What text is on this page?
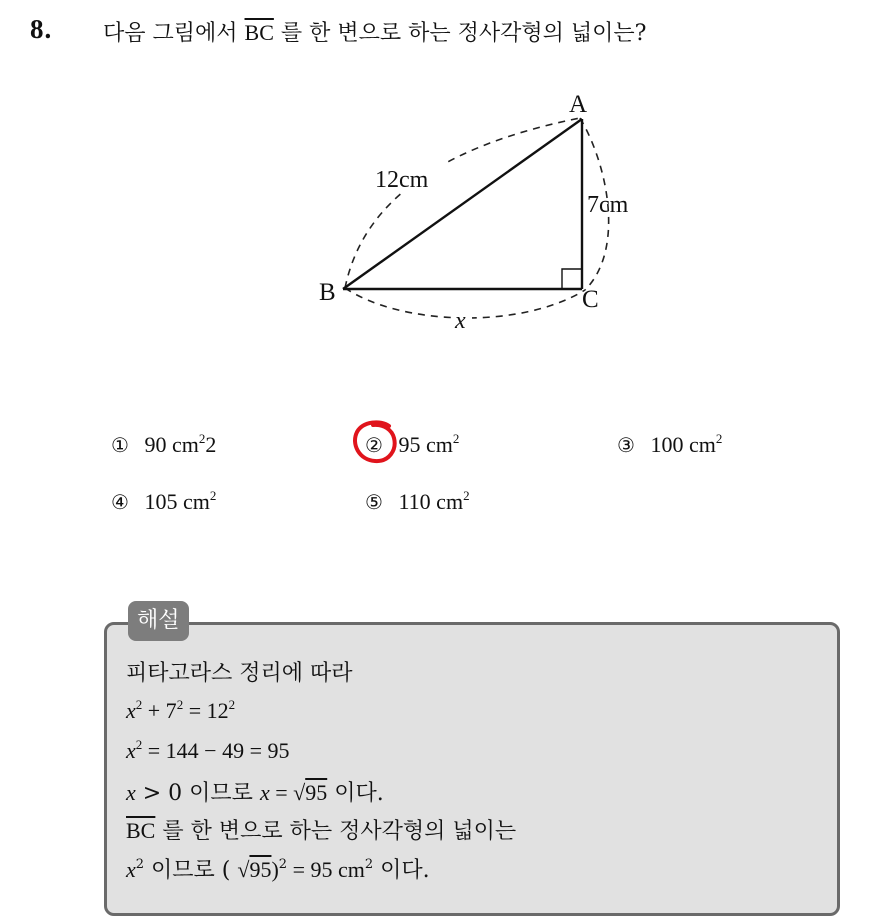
8. 다음 그림에서 $\overline{BC}$ 를 한 변으로 하는 정사각형의 넓이는?
A
B	C
12cm
7cm
x
① 90 $cm^22$	② 95 $cm^2$	③ 100 $cm^2$
④ 105 $cm^2$	⑤ 110 $cm^2$
해설
피타고라스 정리에 따라
$x^2 + 7^2 = 12^2$
$x^2 = 144 - 49 = 95$
x > 0 이므로 x = √95 이다.
$\overline{BC}$ 를 한 변으로 하는 정사각형의 넓이는
$x^2$ 이므로 ( √95)$^2$ = 95 $cm^2$ 이다.
